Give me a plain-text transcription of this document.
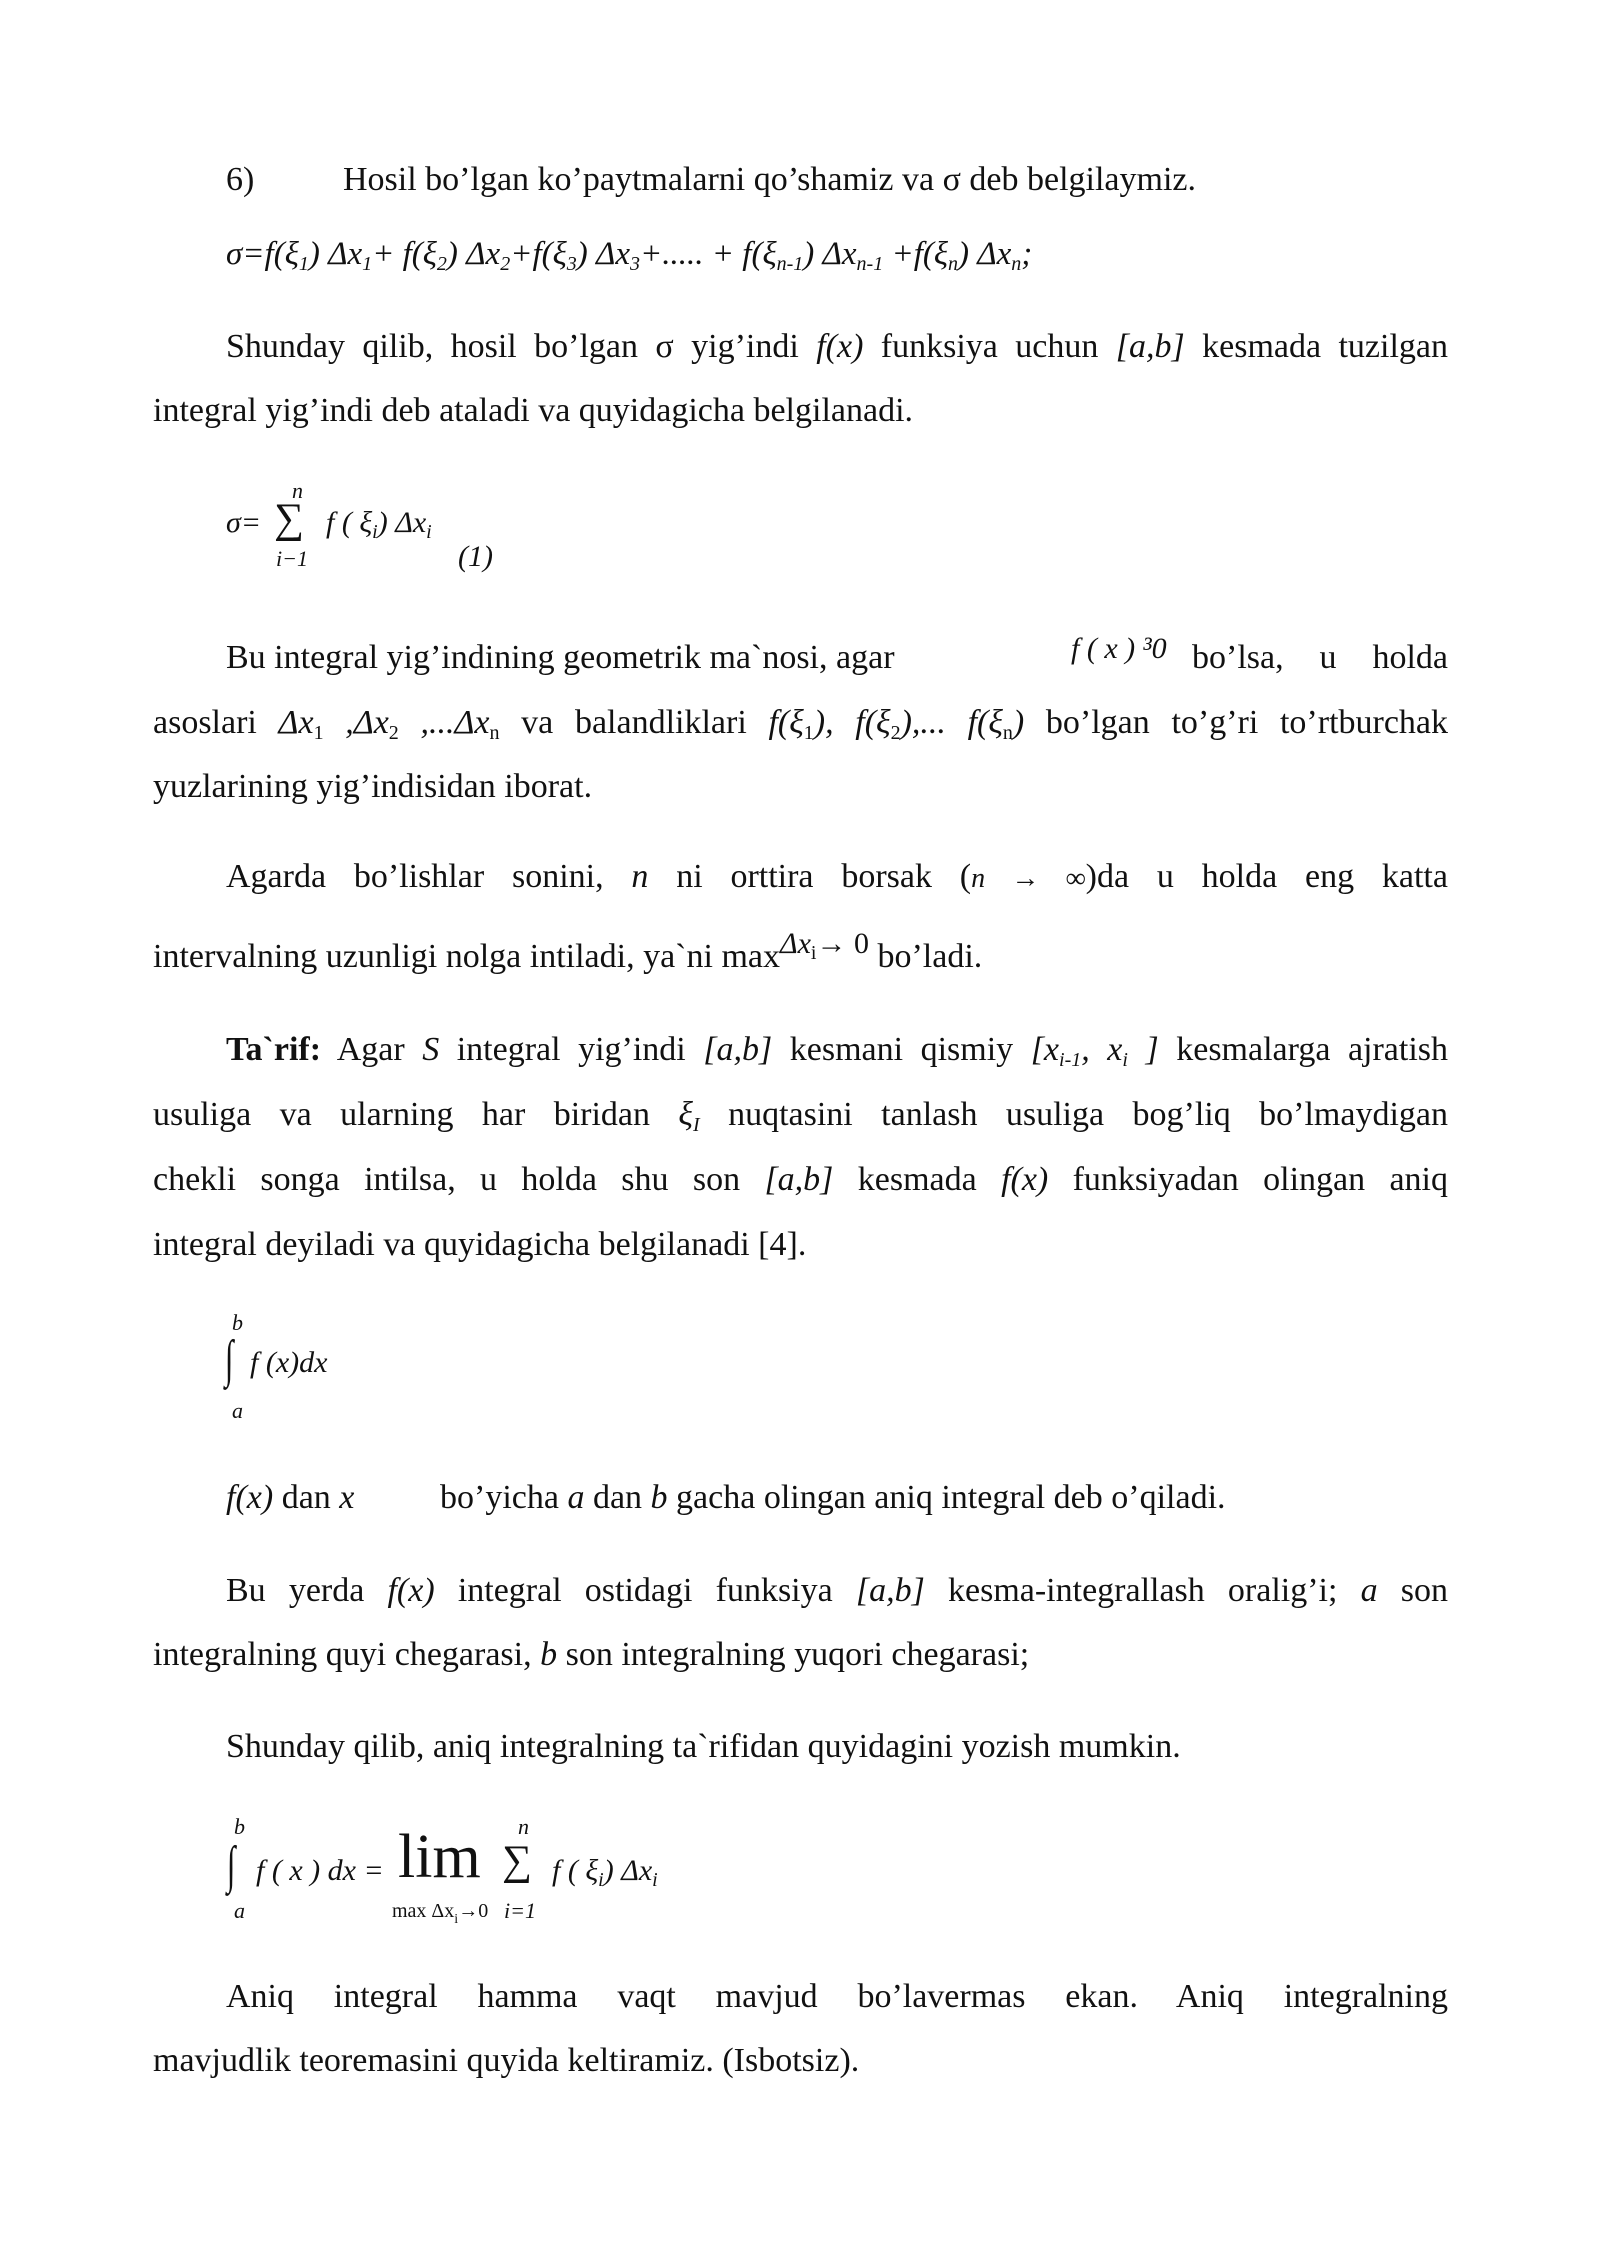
6)	Hosil bo’lgan ko’paytmalarni qo’shamiz va σ deb belgilaymiz.
$\sigma=f(\xi_1)$ $\Delta x_1+ f(\xi_2)$ $\Delta x_2+f(\xi_3) \Delta x_3+$..... + $f(\xi_{n-1})$ $\Delta x_{n-1} +f(\xi_n)$ $\Delta x_n$;
Shunday qilib, hosil bo’lgan σ yig’indi f(x) funksiya uchun [a,b] kesmada tuzilgan
integral yig’indi deb ataladi va quyidagicha belgilanadi.
σ=
n
∑
i−1
f ( $\xi_i$) $\Delta x_i$
(1)
Bu integral yig’indining geometrik ma`nosi, agar	f ( x ) ³0 bo’lsa, u holda
asoslari $\Delta x_1$ $,\Delta x_2$ $,...\Delta x_n$ va balandliklari $f(\xi_1)$, $f(\xi_2)$,... $f(\xi_n)$ bo’lgan to’g’ri to’rtburchak
yuzlarining yig’indisidan iborat.
Agarda bo’lishlar sonini, n ni orttira borsak (n → ∞)da u holda eng katta
intervalning uzunligi nolga intiladi, ya`ni maxΔx$_i$→ 0 bo’ladi.
Ta`rif: Agar S integral yig’indi [a,b] kesmani qismiy [$x_{i-1}$, $x_i$ ] kesmalarga ajratish
usuliga va ularning har biridan $\xi_I$ nuqtasini tanlash usuliga bog’liq bo’lmaydigan
chekli songa intilsa, u holda shu son [a,b] kesmada f(x) funksiyadan olingan aniq
integral deyiladi va quyidagicha belgilanadi [4].
b
∫ f (x)dx
a
f(x) dan x	bo’yicha a dan b gacha olingan aniq integral deb o’qiladi.
Bu yerda f(x) integral ostidagi funksiya [a,b] kesma-integrallash oralig’i; a son
integralning quyi chegarasi, b son integralning yuqori chegarasi;
Shunday qilib, aniq integralning ta`rifidan quyidagini yozish mumkin.
b
∫
a
f ( x ) dx = lim
$\max \Delta x_i\to 0$
n
∑
i=1
f ( $\xi_i$) $\Delta x_i$
Aniq integral hamma vaqt mavjud bo’lavermas ekan. Aniq integralning
mavjudlik teoremasini quyida keltiramiz. (Isbotsiz).
